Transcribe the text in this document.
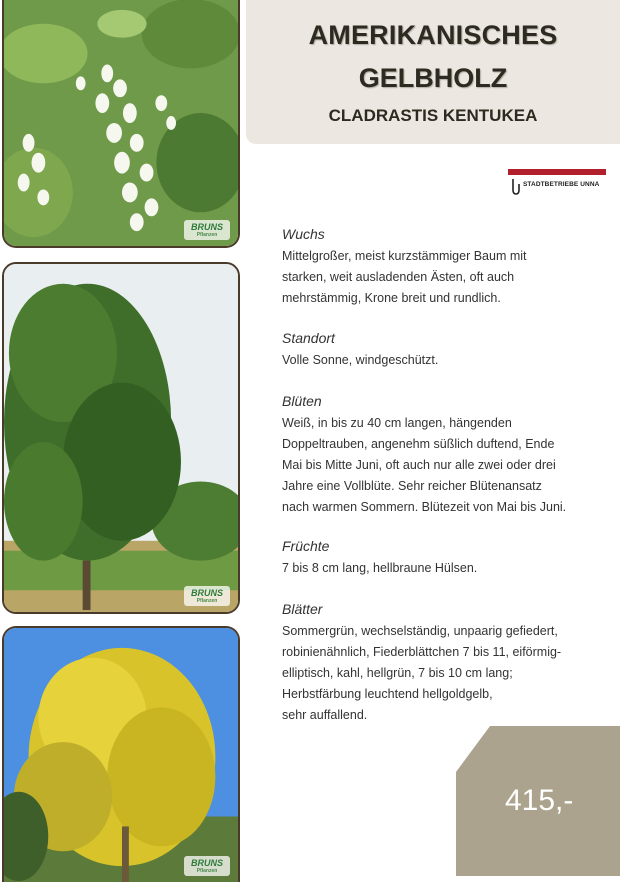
BRUNS
Pflanzen
BRUNS
Pflanzen
BRUNS
Pflanzen
AMERIKANISCHES
GELBHOLZ
CLADRASTIS KENTUKEA
STADTBETRIEBE UNNA
Wuchs

Mittelgroßer, meist kurzstämmiger Baum mit
starken, weit ausladenden Ästen, oft auch
mehrstämmig, Krone breit und rundlich.

Standort

Volle Sonne, windgeschützt.

Blüten

Weiß, in bis zu 40 cm langen, hängenden
Doppeltrauben, angenehm süßlich duftend, Ende
Mai bis Mitte Juni, oft auch nur alle zwei oder drei
Jahre eine Vollblüte. Sehr reicher Blütenansatz
nach warmen Sommern. Blütezeit von Mai bis Juni.

Früchte

7 bis 8 cm lang, hellbraune Hülsen.

Blätter

Sommergrün, wechselständig, unpaarig gefiedert,
robinienähnlich, Fiederblättchen 7 bis 11, eiförmig-
elliptisch, kahl, hellgrün, 7 bis 10 cm lang;
Herbstfärbung leuchtend hellgoldgelb,
sehr auffallend.

415,-
